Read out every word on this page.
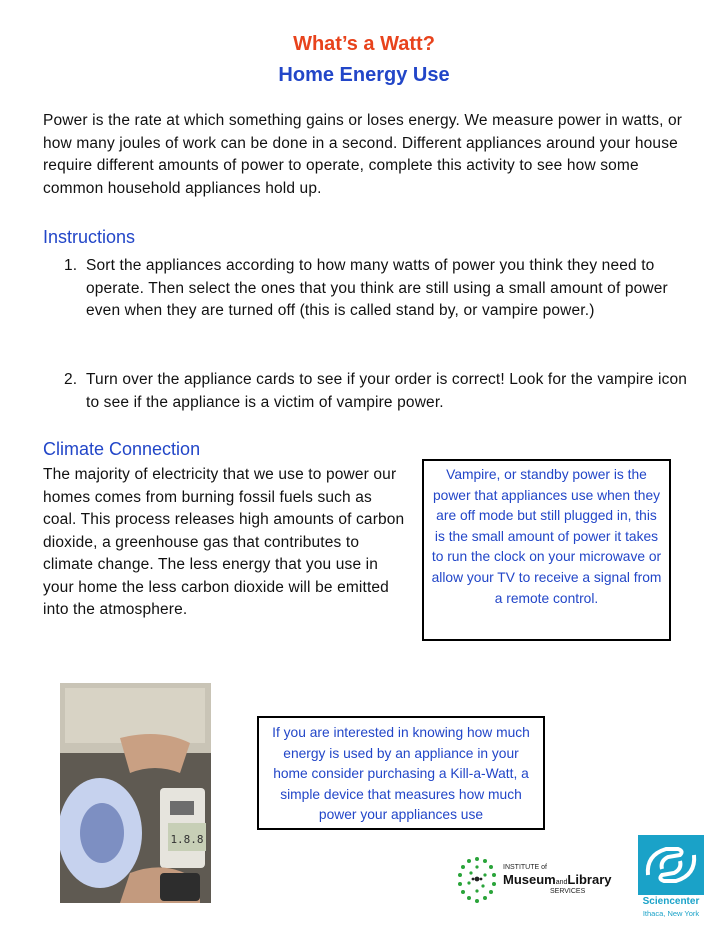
What’s a Watt?
Home Energy Use
Power is the rate at which something gains or loses energy. We measure power in watts, or how many joules of work can be done in a second. Different appliances around your house require different amounts of power to operate, complete this activity to see how some common household appliances hold up.
Instructions
1. Sort the appliances according to how many watts of power you think they need to operate. Then select the ones that you think are still using a small amount of power even when they are turned off (this is called stand by, or vampire power.)
2. Turn over the appliance cards to see if your order is correct! Look for the vampire icon to see if the appliance is a victim of vampire power.
Climate Connection
The majority of electricity that we use to power our homes comes from burning fossil fuels such as coal. This process releases high amounts of carbon dioxide, a greenhouse gas that contributes to climate change. The less energy that you use in your home the less carbon dioxide will be emitted into the atmosphere.
Vampire, or standby power is the power that appliances use when they are off mode but still plugged in, this is the small amount of power it takes to run the clock on your microwave or allow your TV to receive a signal from a remote control.
1.8.8
If you are interested in knowing how much energy is used by an appliance in your home consider purchasing a Kill-a-Watt, a simple device that measures how much power your appliances use
INSTITUTE of
MuseumandLibrary
SERVICES
Sciencenter
Ithaca, New York
